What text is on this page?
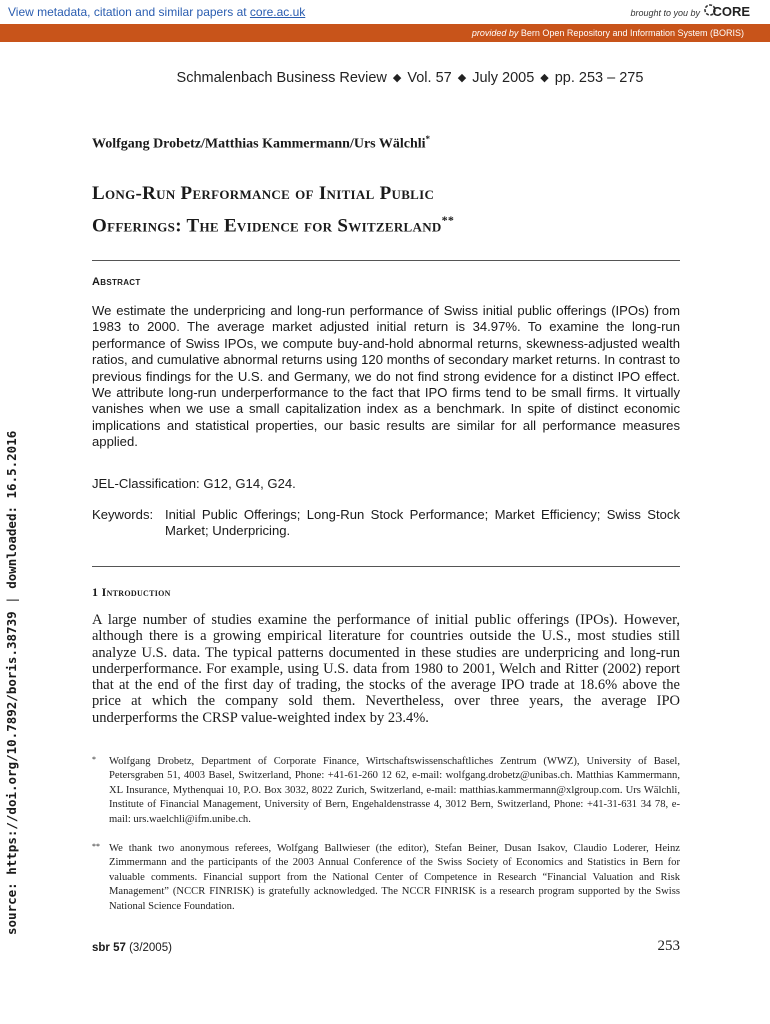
View metadata, citation and similar papers at core.ac.uk	brought to you by CORE
provided by Bern Open Repository and Information System (BORIS)
Schmalenbach Business Review ◆ Vol. 57 ◆ July 2005 ◆ pp. 253 – 275
Wolfgang Drobetz/Matthias Kammermann/Urs Wälchli*
Long-Run Performance of Initial Public
Offerings: The Evidence for Switzerland**
Abstract
We estimate the underpricing and long-run performance of Swiss initial public offerings (IPOs) from 1983 to 2000. The average market adjusted initial return is 34.97%. To examine the long-run performance of Swiss IPOs, we compute buy-and-hold abnormal returns, skewness-adjusted wealth ratios, and cumulative abnormal returns using 120 months of secondary market returns. In contrast to previous findings for the U.S. and Germany, we do not find strong evidence for a distinct IPO effect. We attribute long-run underperformance to the fact that IPO firms tend to be small firms. It virtually vanishes when we use a small capitalization index as a benchmark. In spite of distinct economic implications and statistical properties, our basic results are similar for all performance measures applied.
JEL-Classification: G12, G14, G24.
Keywords: Initial Public Offerings; Long-Run Stock Performance; Market Efficiency; Swiss Stock Market; Underpricing.
1 Introduction
A large number of studies examine the performance of initial public offerings (IPOs). However, although there is a growing empirical literature for countries outside the U.S., most studies still analyze U.S. data. The typical patterns documented in these studies are underpricing and long-run underperformance. For example, using U.S. data from 1980 to 2001, Welch and Ritter (2002) report that at the end of the first day of trading, the stocks of the average IPO trade at 18.6% above the price at which the company sold them. Nevertheless, over three years, the average IPO underperforms the CRSP value-weighted index by 23.4%.
* Wolfgang Drobetz, Department of Corporate Finance, Wirtschaftswissenschaftliches Zentrum (WWZ), University of Basel, Petersgraben 51, 4003 Basel, Switzerland, Phone: +41-61-260 12 62, e-mail: wolfgang.drobetz@unibas.ch. Matthias Kammermann, XL Insurance, Mythenquai 10, P.O. Box 3032, 8022 Zurich, Switzerland, e-mail: matthias.kammermann@xlgroup.com. Urs Wälchli, Institute of Financial Management, University of Bern, Engehaldenstrasse 4, 3012 Bern, Switzerland, Phone: +41-31-631 34 78, e-mail: urs.waelchli@ifm.unibe.ch.
** We thank two anonymous referees, Wolfgang Ballwieser (the editor), Stefan Beiner, Dusan Isakov, Claudio Loderer, Heinz Zimmermann and the participants of the 2003 Annual Conference of the Swiss Society of Economics and Statistics in Bern for valuable comments. Financial support from the National Center of Competence in Research “Financial Valuation and Risk Management” (NCCR FINRISK) is gratefully acknowledged. The NCCR FINRISK is a research program supported by the Swiss National Science Foundation.
sbr 57 (3/2005)	253
source: https://doi.org/10.7892/boris.38739 | downloaded: 16.5.2016
